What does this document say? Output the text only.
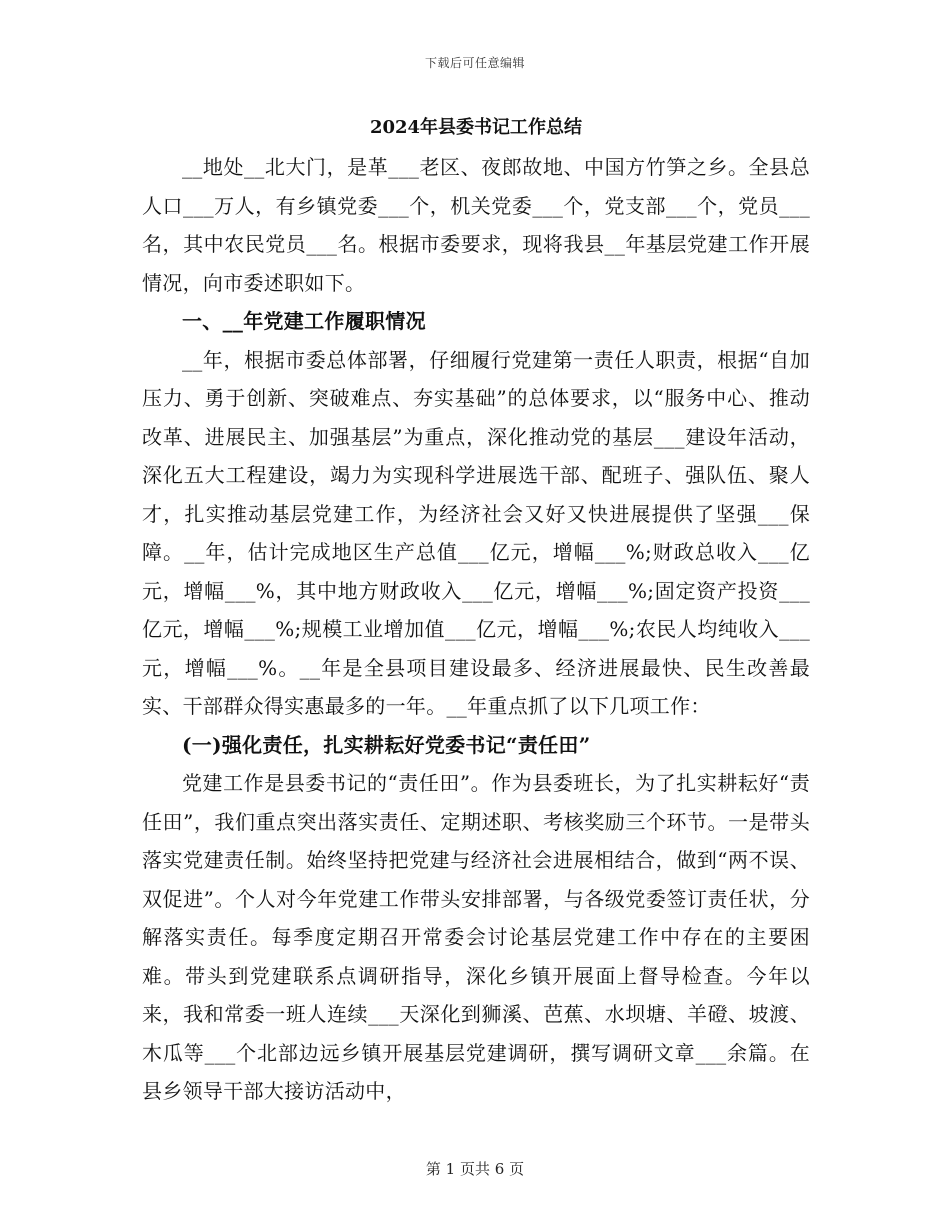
下载后可任意编辑
2024年县委书记工作总结

__地处__北大门，是革___老区、夜郎故地、中国方竹笋之乡。全县总人口___万人，有乡镇党委___个，机关党委___个，党支部___个，党员___名，其中农民党员___名。根据市委要求，现将我县__年基层党建工作开展情况，向市委述职如下。

一、__年党建工作履职情况

__年，根据市委总体部署，仔细履行党建第一责任人职责，根据“自加压力、勇于创新、突破难点、夯实基础”的总体要求，以“服务中心、推动改革、进展民主、加强基层”为重点，深化推动党的基层___建设年活动，深化五大工程建设，竭力为实现科学进展选干部、配班子、强队伍、聚人才，扎实推动基层党建工作，为经济社会又好又快进展提供了坚强___保障。__年，估计完成地区生产总值___亿元，增幅___%;财政总收入___亿元，增幅___%，其中地方财政收入___亿元，增幅___%;固定资产投资___亿元，增幅___%;规模工业增加值___亿元，增幅___%;农民人均纯收入___元，增幅___%。__年是全县项目建设最多、经济进展最快、民生改善最实、干部群众得实惠最多的一年。__年重点抓了以下几项工作：

(一)强化责任，扎实耕耘好党委书记“责任田”

党建工作是县委书记的“责任田”。作为县委班长，为了扎实耕耘好“责任田”，我们重点突出落实责任、定期述职、考核奖励三个环节。一是带头落实党建责任制。始终坚持把党建与经济社会进展相结合，做到“两不误、双促进”。个人对今年党建工作带头安排部署，与各级党委签订责任状，分解落实责任。每季度定期召开常委会讨论基层党建工作中存在的主要困难。带头到党建联系点调研指导，深化乡镇开展面上督导检查。今年以来，我和常委一班人连续___天深化到狮溪、芭蕉、水坝塘、羊磴、坡渡、木瓜等___个北部边远乡镇开展基层党建调研，撰写调研文章___余篇。在县乡领导干部大接访活动中，

第 1 页共 6 页
